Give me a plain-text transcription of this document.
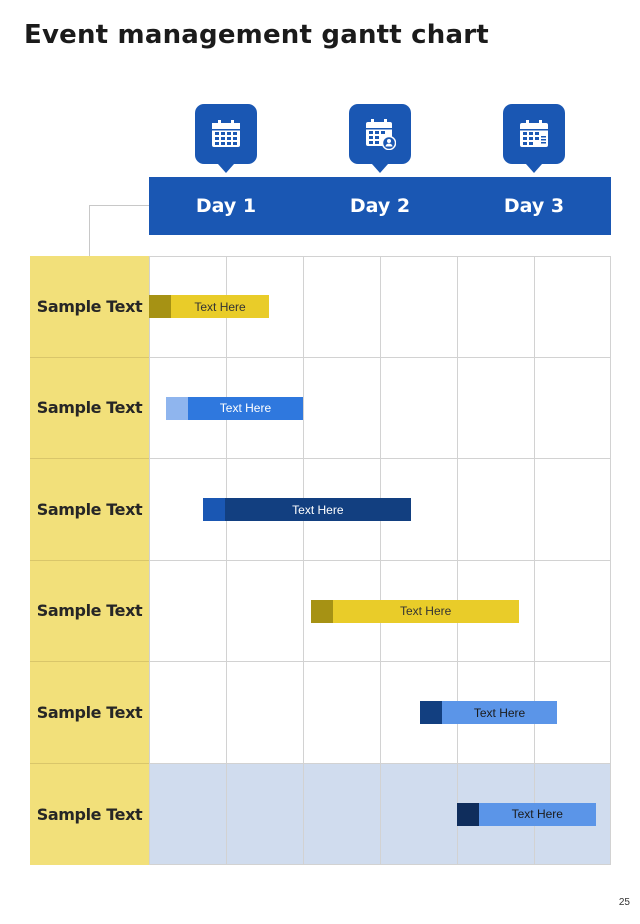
Event management gantt chart
Day 1	Day 2	Day 3
Sample Text
Sample Text
Sample Text
Sample Text
Sample Text
Sample Text
Text Here
Text Here
Text Here
Text Here
Text Here
Text Here
25
